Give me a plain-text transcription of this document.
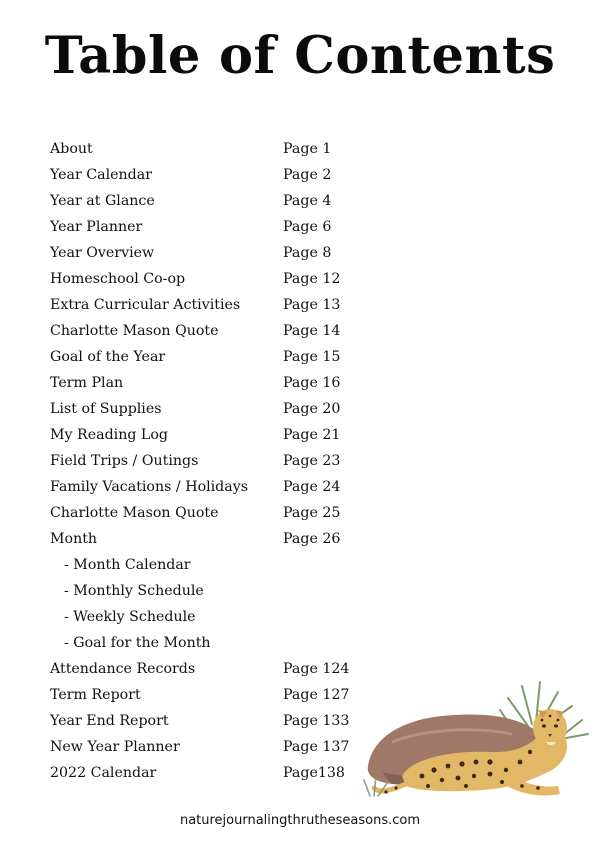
Table of Contents
About	Page 1
Year Calendar	Page 2
Year at Glance	Page 4
Year Planner	Page 6
Year Overview	Page 8
Homeschool Co-op	Page 12
Extra Curricular Activities	Page 13
Charlotte Mason Quote	Page 14
Goal of the Year	Page 15
Term Plan	Page 16
List of Supplies	Page 20
My Reading Log	Page 21
Field Trips / Outings	Page 23
Family Vacations / Holidays	Page 24
Charlotte Mason Quote	Page 25
Month	Page 26
- Month Calendar
- Monthly Schedule
- Weekly Schedule
- Goal for the Month
Attendance Records	Page 124
Term Report	Page 127
Year End Report	Page 133
New Year Planner	Page 137
2022 Calendar	Page138
naturejournalingthrutheseasons.com
